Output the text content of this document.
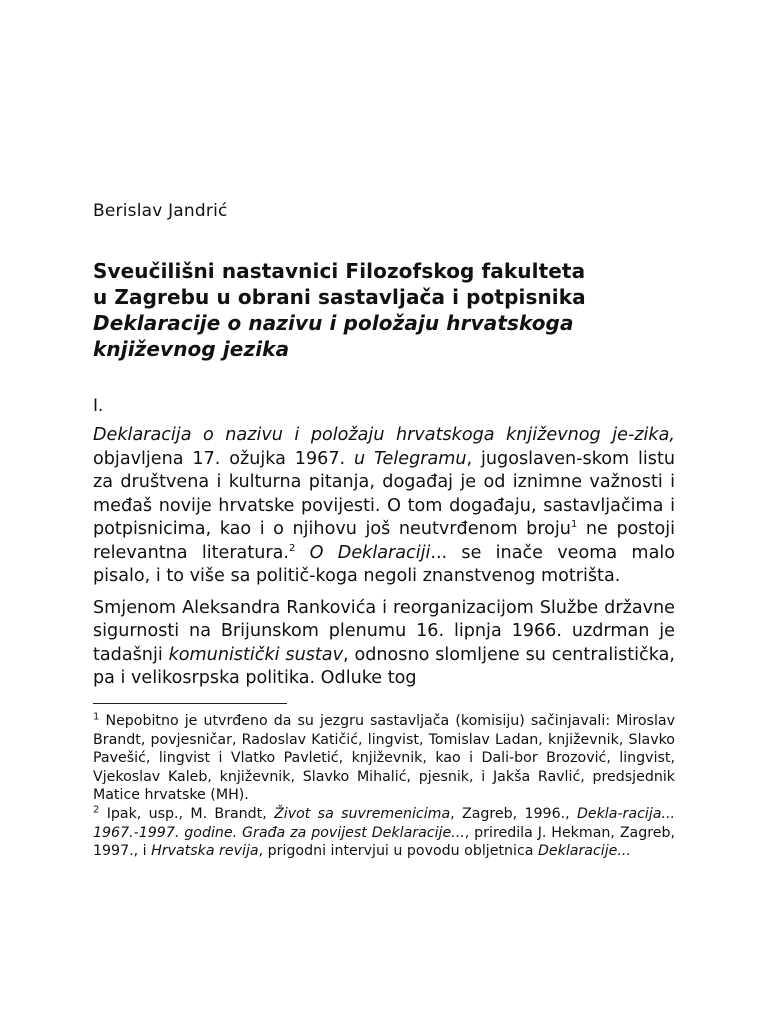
Berislav Jandrić
Sveučilišni nastavnici Filozofskog fakulteta
u Zagrebu u obrani sastavljača i potpisnika
Deklaracije o nazivu i položaju hrvatskoga
književnog jezika
I.

Deklaracija o nazivu i položaju hrvatskoga književnog je-zika, objavljena 17. ožujka 1967. u Telegramu, jugoslaven-skom listu za društvena i kulturna pitanja, događaj je od iznimne važnosti i međaš novije hrvatske povijesti. O tom događaju, sastavljačima i potpisnicima, kao i o njihovu još neutvrđenom broju$^1$ ne postoji relevantna literatura.$^2$ O Deklaraciji... se inače veoma malo pisalo, i to više sa politič-koga negoli znanstvenog motrišta.

Smjenom Aleksandra Rankovića i reorganizacijom Službe državne sigurnosti na Brijunskom plenumu 16. lipnja 1966. uzdrman je tadašnji komunistički sustav, odnosno slomljene su centralistička, pa i velikosrpska politika. Odluke tog

$^1$ Nepobitno je utvrđeno da su jezgru sastavljača (komisiju) sačinjavali: Miroslav Brandt, povjesničar, Radoslav Katičić, lingvist, Tomislav Ladan, književnik, Slavko Pavešić, lingvist i Vlatko Pavletić, književnik, kao i Dali-bor Brozović, lingvist, Vjekoslav Kaleb, književnik, Slavko Mihalić, pjesnik, i Jakša Ravlić, predsjednik Matice hrvatske (MH).

$^2$ Ipak, usp., M. Brandt, Život sa suvremenicima, Zagreb, 1996., Dekla-racija... 1967.-1997. godine. Građa za povijest Deklaracije..., priredila J. Hekman, Zagreb, 1997., i Hrvatska revija, prigodni intervjui u povodu obljetnica Deklaracije...
